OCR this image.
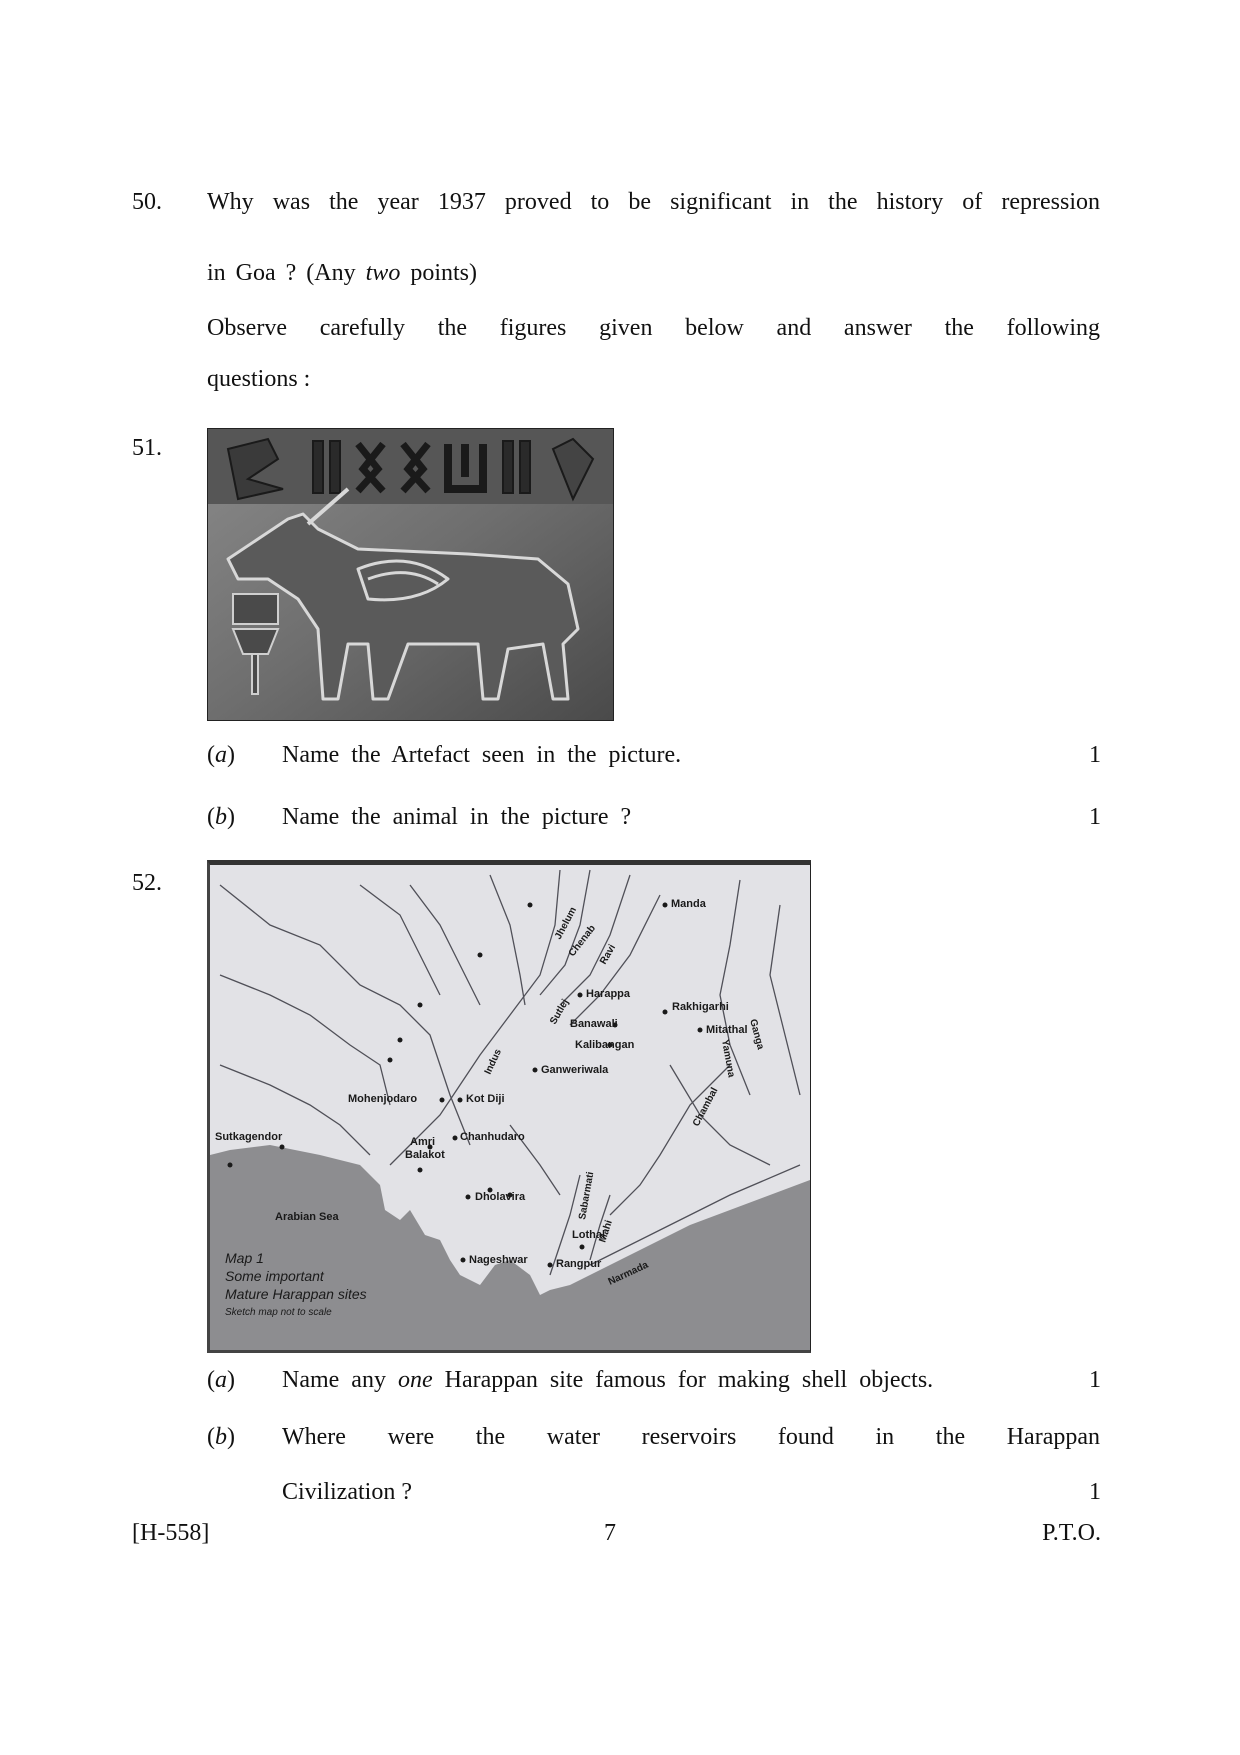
50. Why was the year 1937 proved to be significant in the history of repression
in Goa ? (Any two points)
Observe carefully the figures given below and answer the following
questions :
51.
(a) Name the Artefact seen in the picture.	1
(b) Name the animal in the picture ?	1
52.
Manda
Harappa
Rakhigarhi
Banawali	Mitathal
Kalibangan
Ganweriwala
Mohenjodaro	Kot Diji
Sutkagendor	Amri
Balakot
Chanhudaro
Dholavira
Lothal
Nageshwar	Rangpur
Jhelum
Chenab Ravi
Sutlej
Indus	Yamuna
Ganga
Chambal
Sabarmati
Mahi
Narmada
Arabian Sea
Map 1
Some important
Mature Harappan sites
Sketch map not to scale
(a) Name any one Harappan site famous for making shell objects.	1
(b) Where were the water reservoirs found in the Harappan
Civilization ?	1
[H-558]	7	P.T.O.
